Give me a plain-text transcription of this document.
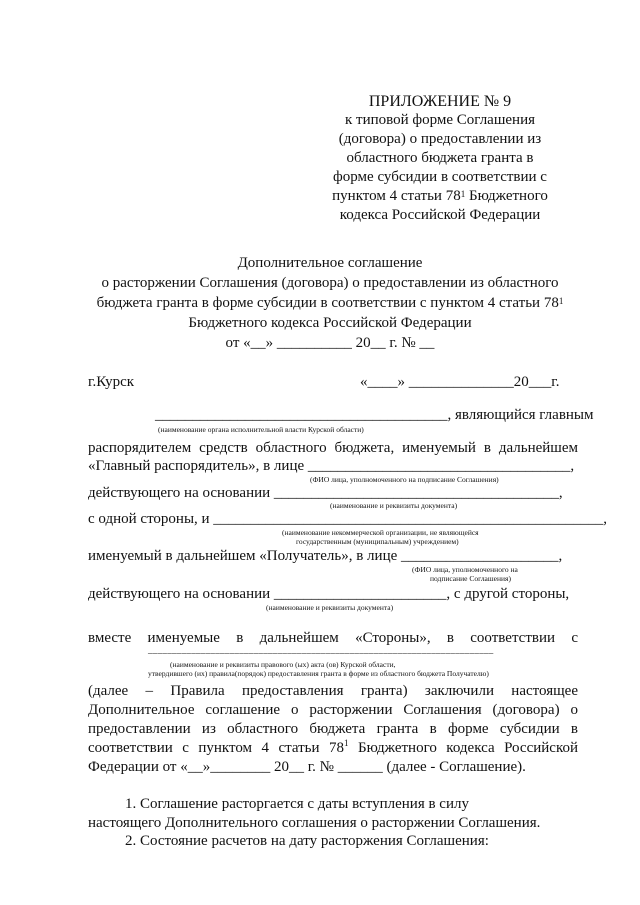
ПРИЛОЖЕНИЕ № 9
к типовой форме Соглашения
(договора) о предоставлении из
областного бюджета гранта в
форме субсидии в соответствии с
пунктом 4 статьи $78^1$ Бюджетного
кодекса Российской Федерации
Дополнительное соглашение
о расторжении Соглашения (договора) о предоставлении из областного
бюджета гранта в форме субсидии в соответствии с пунктом 4 статьи $78^1$
Бюджетного кодекса Российской Федерации
от «__» __________ 20__ г. № __
г.Курск	«____» ______________20___г.
_______________________________________, являющийся главным
(наименование органа исполнительной власти Курской области)
распорядителем средств областного бюджета, именуемый в дальнейшем
«Главный распорядитель», в лице ___________________________________,
(ФИО лица, уполномоченного на подписание Соглашения)
действующего на основании ______________________________________,
(наименование и реквизиты документа)
с одной стороны, и ____________________________________________________,
(наименование некоммерческой организации, не являющейся
государственным (муниципальным) учреждением)
именуемый в дальнейшем «Получатель», в лице _____________________,
(ФИО лица, уполномоченного на
подписание Соглашения)
действующего на основании _______________________, с другой стороны,
(наименование и реквизиты документа)
вместе именуемые в дальнейшем «Стороны», в соответствии с
________________________________________________________________________
(наименование и реквизиты правового (ых) акта (ов) Курской области,
утвердившего (их) правила(порядок) предоставления гранта в форме из областного бюджета Получателю)
(далее – Правила предоставления гранта) заключили настоящее
Дополнительное соглашение о расторжении Соглашения (договора) о
предоставлении из областного бюджета гранта в форме субсидии в
соответствии с пунктом 4 статьи $78^1$ Бюджетного кодекса Российской
Федерации от «__»________ 20__ г. № ______ (далее - Соглашение).
1. Соглашение расторгается с даты вступления в силу
настоящего Дополнительного соглашения о расторжении Соглашения.
2. Состояние расчетов на дату расторжения Соглашения:
